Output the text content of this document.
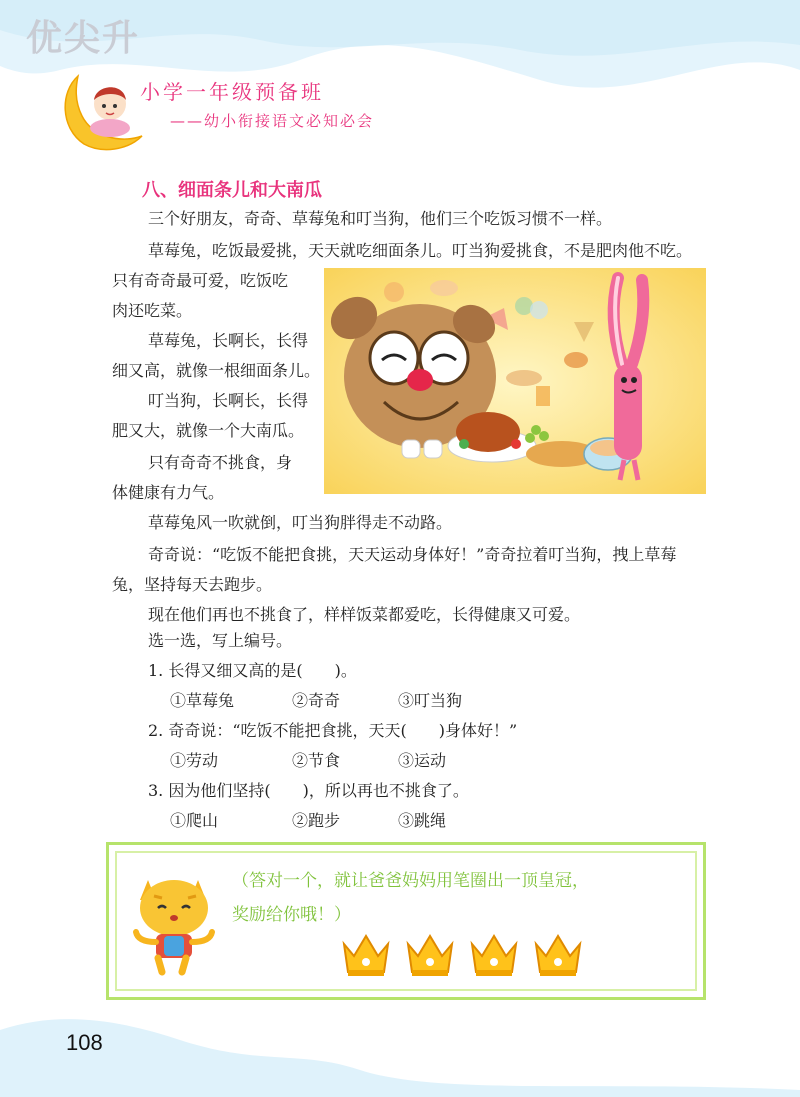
优尖升
小学一年级预备班
——幼小衔接语文必知必会
八、细面条儿和大南瓜

三个好朋友，奇奇、草莓兔和叮当狗，他们三个吃饭习惯不一样。

草莓兔，吃饭最爱挑，天天就吃细面条儿。叮当狗爱挑食，不是肥肉他不吃。

只有奇奇最可爱，吃饭吃

肉还吃菜。

草莓兔，长啊长，长得

细又高，就像一根细面条儿。

叮当狗，长啊长，长得

肥又大，就像一个大南瓜。

只有奇奇不挑食，身

体健康有力气。

草莓兔风一吹就倒，叮当狗胖得走不动路。

奇奇说：“吃饭不能把食挑，天天运动身体好！”奇奇拉着叮当狗，拽上草莓

兔，坚持每天去跑步。

现在他们再也不挑食了，样样饭菜都爱吃，长得健康又可爱。

选一选，写上编号。
1. 长得又细又高的是(　　)。
①草莓兔	②奇奇	③叮当狗
2. 奇奇说：“吃饭不能把食挑，天天(　　)身体好！”
①劳动	②节食	③运动
3. 因为他们坚持(　　)，所以再也不挑食了。
①爬山	②跑步	③跳绳

（答对一个，就让爸爸妈妈用笔圈出一顶皇冠，
奖励给你哦！）

108
